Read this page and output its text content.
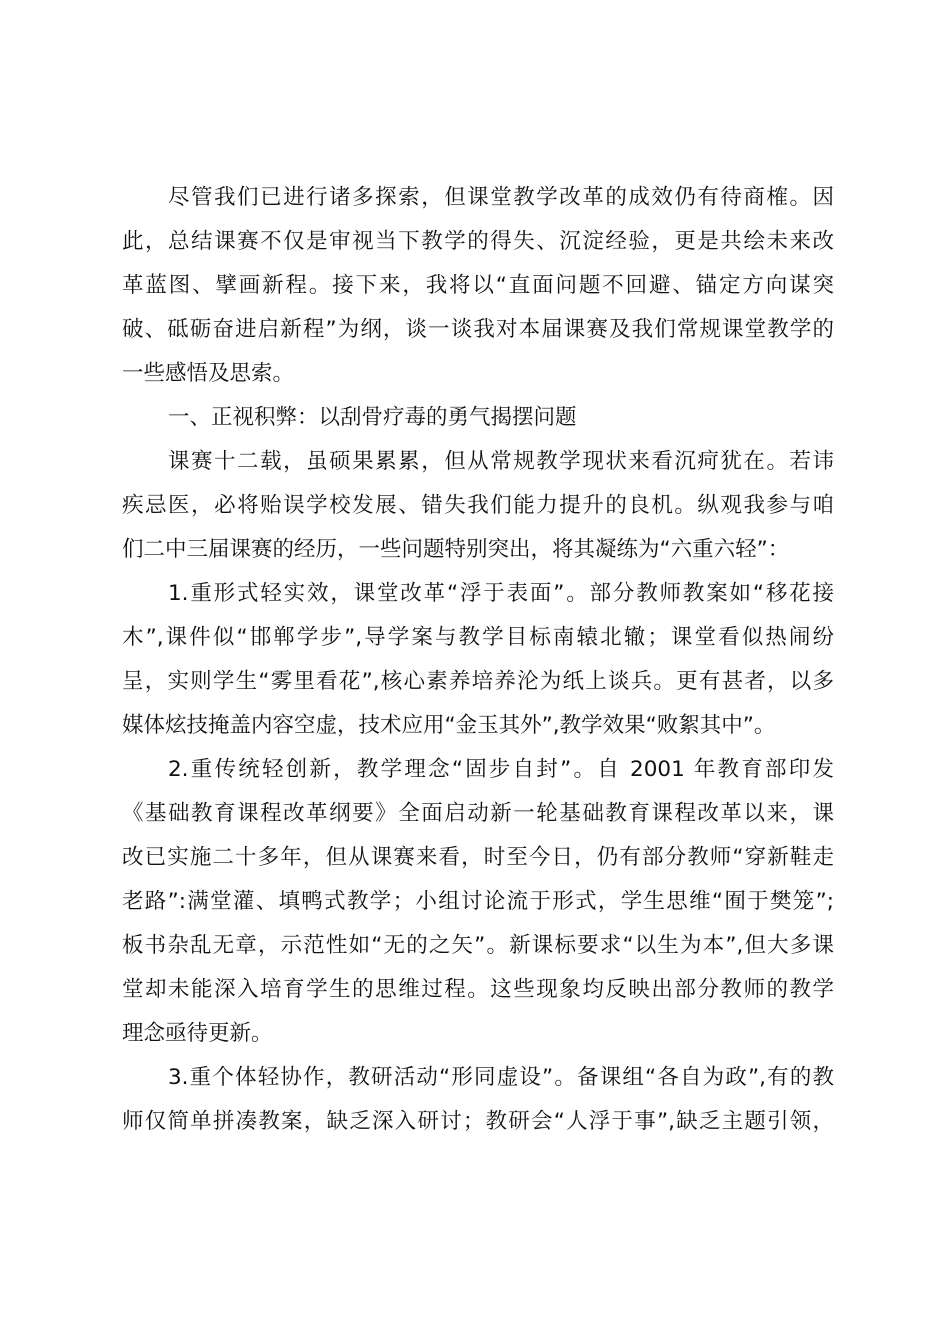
尽管我们已进行诸多探索，但课堂教学改革的成效仍有待商榷。因
此，总结课赛不仅是审视当下教学的得失、沉淀经验，更是共绘未来改
革蓝图、擘画新程。接下来，我将以“直面问题不回避、锚定方向谋突
破、砥砺奋进启新程”为纲，谈一谈我对本届课赛及我们常规课堂教学的
一些感悟及思索。
一、正视积弊：以刮骨疗毒的勇气揭摆问题
课赛十二载，虽硕果累累，但从常规教学现状来看沉疴犹在。若讳
疾忌医，必将贻误学校发展、错失我们能力提升的良机。纵观我参与咱
们二中三届课赛的经历，一些问题特别突出，将其凝练为“六重六轻”：
1.重形式轻实效，课堂改革“浮于表面”。部分教师教案如“移花接
木”,课件似“邯郸学步”,导学案与教学目标南辕北辙；课堂看似热闹纷
呈，实则学生“雾里看花”,核心素养培养沦为纸上谈兵。更有甚者，以多
媒体炫技掩盖内容空虚，技术应用“金玉其外”,教学效果“败絮其中”。
2.重传统轻创新，教学理念“固步自封”。自 2001 年教育部印发
《基础教育课程改革纲要》全面启动新一轮基础教育课程改革以来，课
改已实施二十多年，但从课赛来看，时至今日，仍有部分教师“穿新鞋走
老路”:满堂灌、填鸭式教学；小组讨论流于形式，学生思维“囿于樊笼”;
板书杂乱无章，示范性如“无的之矢”。新课标要求“以生为本”,但大多课
堂却未能深入培育学生的思维过程。这些现象均反映出部分教师的教学
理念亟待更新。
3.重个体轻协作，教研活动“形同虚设”。备课组“各自为政”,有的教
师仅简单拼凑教案，缺乏深入研讨；教研会“人浮于事”,缺乏主题引领，
